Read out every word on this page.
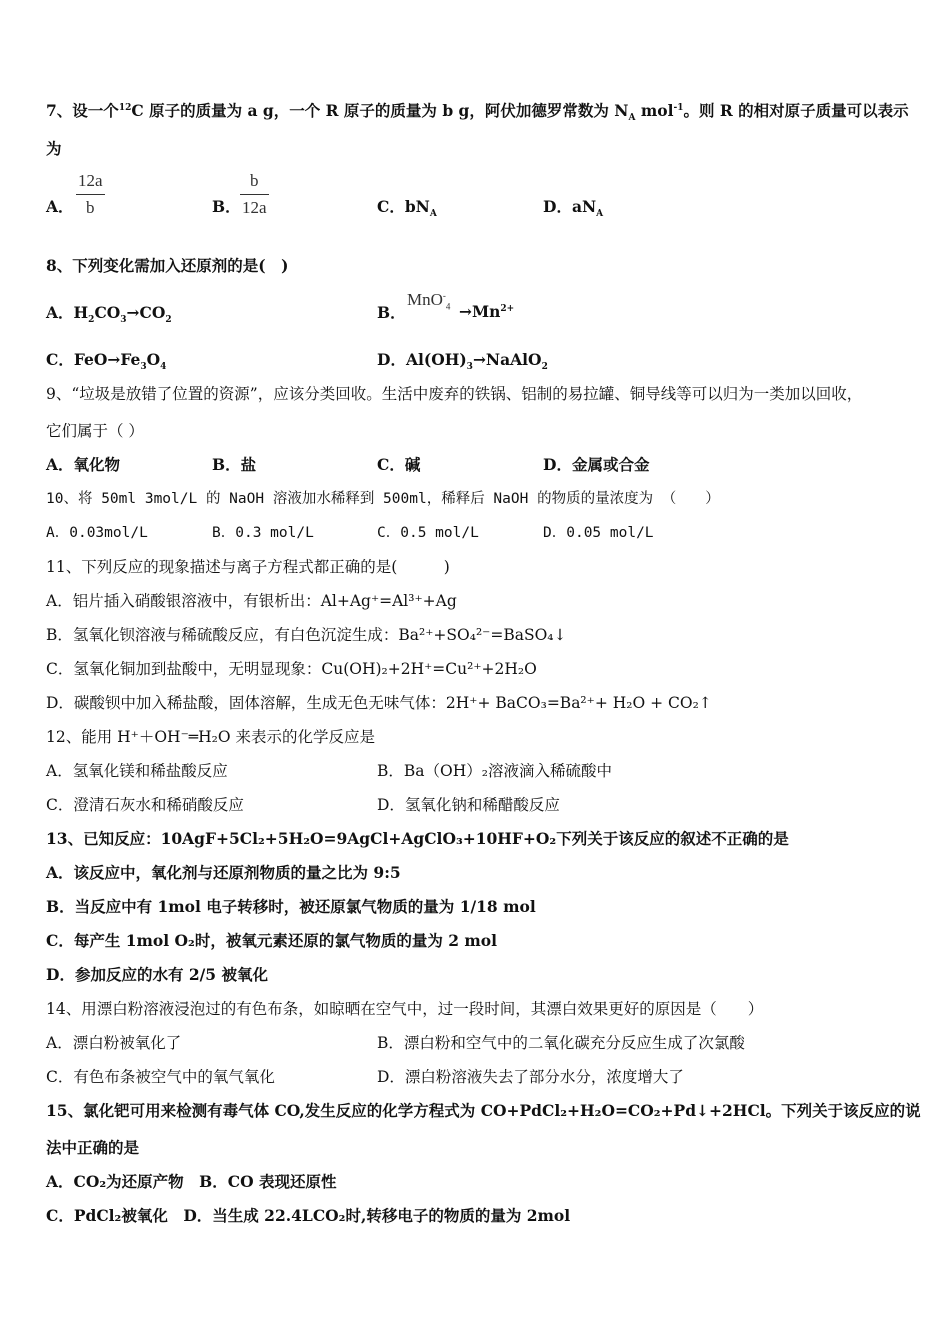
7、设一个$^{12}$C 原子的质量为 a g，一个 R 原子的质量为 b g，阿伏加德罗常数为 $N_A$ mol$^{-1}$。则 R 的相对原子质量可以表示
为
A．
12a
b	B．
b
12a	C．$bN_A$	D．$aN_A$
8、下列变化需加入还原剂的是(　)
A．$H_2CO_3\to CO_2$	B．
$MnO^-_4 \to Mn^{2+}$
C．$FeO\to Fe_3O_4$	D．$Al(OH)_3\to NaAlO_2$
9、“垃圾是放错了位置的资源”，应该分类回收。生活中废弃的铁锅、铝制的易拉罐、铜导线等可以归为一类加以回收，
它们属于（ ）
A．氧化物	B．盐	C．碱	D．金属或合金
10、将 50ml 3mol/L 的 NaOH 溶液加水稀释到 500ml，稀释后 NaOH 的物质的量浓度为 （　　）
A．0.03mol/L	B．0.3 mol/L	C．0.5 mol/L	D．0.05 mol/L
11、下列反应的现象描述与离子方程式都正确的是(　　　)
A．铝片插入硝酸银溶液中，有银析出：Al+Ag⁺=Al³⁺+Ag
B．氢氧化钡溶液与稀硫酸反应，有白色沉淀生成：Ba²⁺+SO₄²⁻=BaSO₄↓
C．氢氧化铜加到盐酸中，无明显现象：Cu(OH)₂+2H⁺=Cu²⁺+2H₂O
D．碳酸钡中加入稀盐酸，固体溶解，生成无色无味气体：2H⁺+ BaCO₃=Ba²⁺+ H₂O + CO₂↑
12、能用 H⁺＋OH⁻═H₂O 来表示的化学反应是
A．氢氧化镁和稀盐酸反应	B．Ba（OH）₂溶液滴入稀硫酸中
C．澄清石灰水和稀硝酸反应	D．氢氧化钠和稀醋酸反应
13、已知反应：10AgF+5Cl₂+5H₂O=9AgCl+AgClO₃+10HF+O₂下列关于该反应的叙述不正确的是
A．该反应中，氧化剂与还原剂物质的量之比为 9:5
B．当反应中有 1mol 电子转移时，被还原氯气物质的量为 1/18 mol
C．每产生 1mol O₂时，被氧元素还原的氯气物质的量为 2 mol
D．参加反应的水有 2/5 被氧化
14、用漂白粉溶液浸泡过的有色布条，如晾晒在空气中，过一段时间，其漂白效果更好的原因是（　　）
A．漂白粉被氧化了	B．漂白粉和空气中的二氧化碳充分反应生成了次氯酸
C．有色布条被空气中的氧气氧化	D．漂白粉溶液失去了部分水分，浓度增大了
15、氯化钯可用来检测有毒气体 CO,发生反应的化学方程式为 CO+PdCl₂+H₂O=CO₂+Pd↓+2HCl。下列关于该反应的说
法中正确的是
A．CO₂为还原产物　B．CO 表现还原性
C．PdCl₂被氧化　D．当生成 22.4LCO₂时,转移电子的物质的量为 2mol
